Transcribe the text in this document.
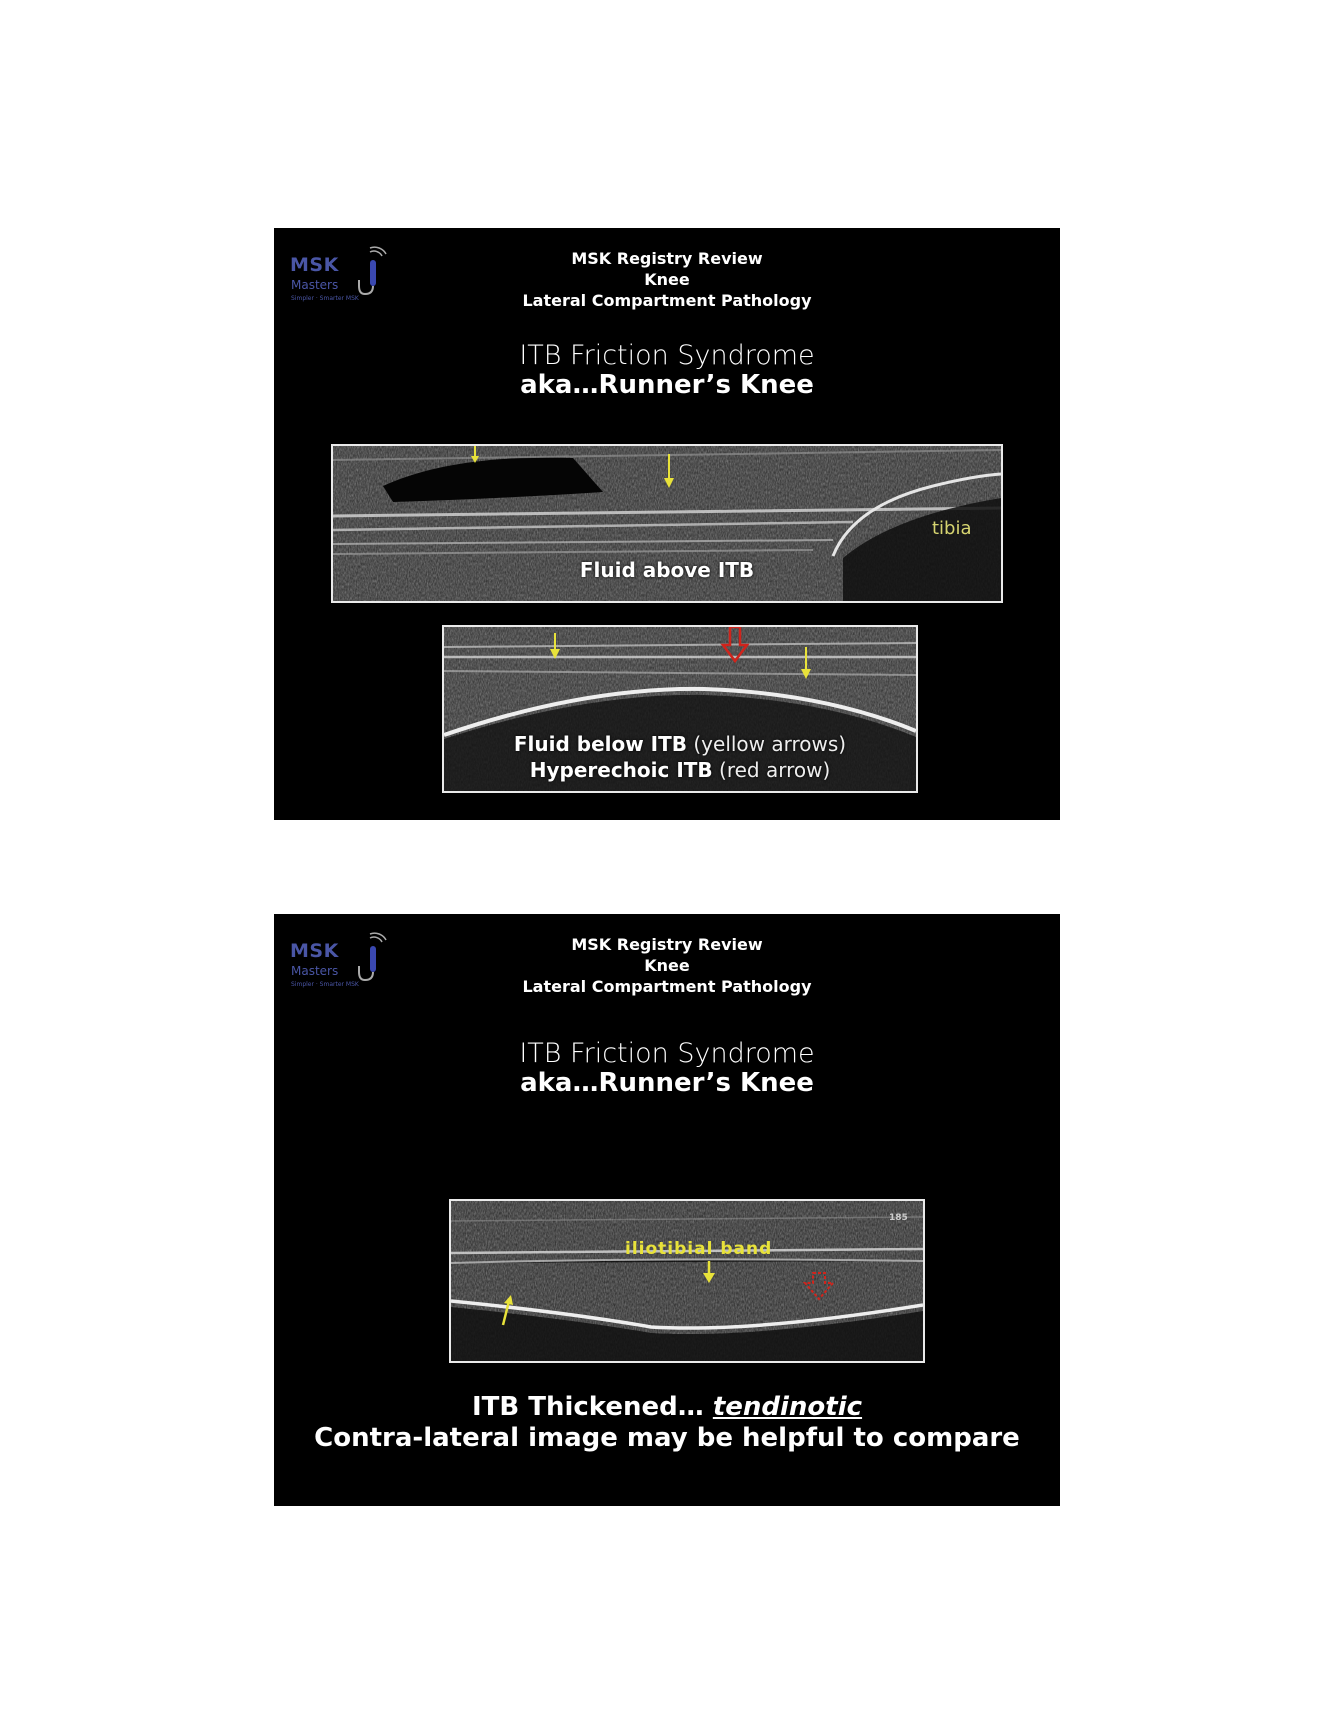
MSK
Masters
Simpler · Smarter MSK
MSK Registry Review
Knee
Lateral Compartment Pathology
ITB Friction Syndrome
aka…Runner’s Knee
tibia
Fluid above ITB
Fluid below ITB (yellow arrows)
Hyperechoic ITB (red arrow)
MSK
Masters
Simpler · Smarter MSK
MSK Registry Review
Knee
Lateral Compartment Pathology
ITB Friction Syndrome
aka…Runner’s Knee
iliotibial band
185
ITB Thickened… tendinotic
Contra-lateral image may be helpful to compare
